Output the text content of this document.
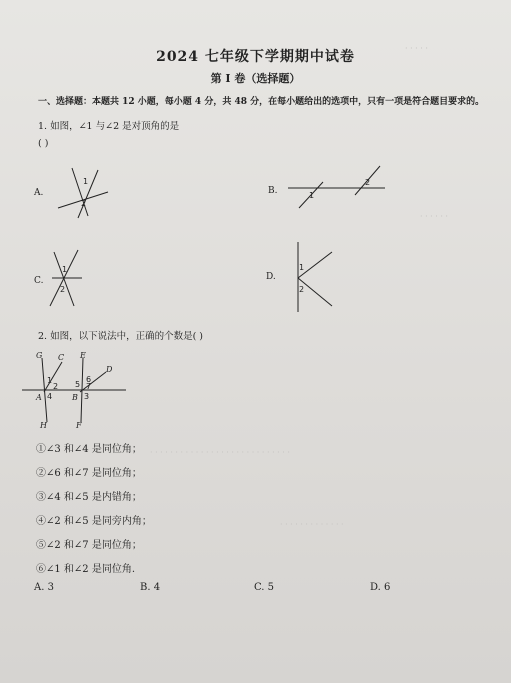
· · · · ·
· · · · · ·
· · · · · · · · · · · · · · · · · · · · · · · · · · · ·
· · · · · · · · · · · · ·
2024 七年级下学期期中试卷
第 I 卷（选择题）
一、选择题：本题共 12 小题，每小题 4 分，共 48 分，在每小题给出的选项中，只有一项是符合题目要求的。
1. 如图，∠1 与∠2 是对顶角的是
( )
A.
1
2
B.	1
2
C.
1
2
D.
1
2
2. 如图，以下说法中，正确的个数是( )
G C E
D
A	B
H	F
1
2
4
5
6
7
3
①∠3 和∠4 是同位角；
②∠6 和∠7 是同位角；
③∠4 和∠5 是内错角；
④∠2 和∠5 是同旁内角；
⑤∠2 和∠7 是同位角；
⑥∠1 和∠2 是同位角.
A. 3	B. 4	C. 5	D. 6
